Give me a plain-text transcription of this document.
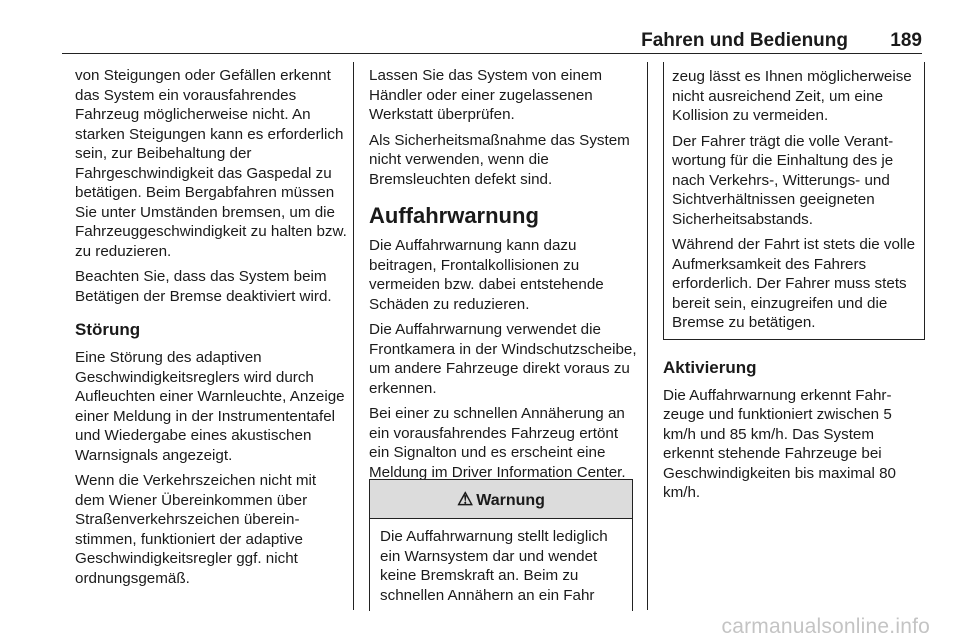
Fahren und Bedienung 189

von Steigungen oder Gefällen erkennt das System ein vorausfahrendes Fahrzeug möglicherweise nicht. An starken Steigungen kann es erforderlich sein, zur Beibehaltung der Fahrgeschwindigkeit das Gaspedal zu betätigen. Beim Bergabfahren müssen Sie unter Umständen bremsen, um die Fahrzeuggeschwindigkeit zu halten bzw. zu reduzieren.

Beachten Sie, dass das System beim Betätigen der Bremse deaktiviert wird.

Störung

Eine Störung des adaptiven Geschwindigkeitsreglers wird durch Aufleuchten einer Warnleuchte, Anzeige einer Meldung in der Instrumententafel und Wiedergabe eines akustischen Warnsignals angezeigt.

Wenn die Verkehrszeichen nicht mit dem Wiener Übereinkommen über Straßenverkehrszeichen übereinstimmen, funktioniert der adaptive Geschwindigkeitsregler ggf. nicht ordnungsgemäß.

Lassen Sie das System von einem Händler oder einer zugelassenen Werkstatt überprüfen.

Als Sicherheitsmaßnahme das System nicht verwenden, wenn die Bremsleuchten defekt sind.

Auffahrwarnung

Die Auffahrwarnung kann dazu beitragen, Frontalkollisionen zu vermeiden bzw. dabei entstehende Schäden zu reduzieren.

Die Auffahrwarnung verwendet die Frontkamera in der Windschutzscheibe, um andere Fahrzeuge direkt voraus zu erkennen.

Bei einer zu schnellen Annäherung an ein vorausfahrendes Fahrzeug ertönt ein Signalton und es erscheint eine Meldung im Driver Information Center.

⚠ Warnung
Die Auffahrwarnung stellt lediglich ein Warnsystem dar und wendet keine Bremskraft an. Beim zu schnellen Annähern an ein Fahr

zeug lässt es Ihnen möglicherweise nicht ausreichend Zeit, um eine Kollision zu vermeiden.

Der Fahrer trägt die volle Verantwortung für die Einhaltung des je nach Verkehrs-, Witterungs- und Sichtverhältnissen geeigneten Sicherheitsabstands.

Während der Fahrt ist stets die volle Aufmerksamkeit des Fahrers erforderlich. Der Fahrer muss stets bereit sein, einzugreifen und die Bremse zu betätigen.

Aktivierung

Die Auffahrwarnung erkennt Fahrzeuge und funktioniert zwischen 5 km/h und 85 km/h. Das System erkennt stehende Fahrzeuge bei Geschwindigkeiten bis maximal 80 km/h.

carmanualsonline.info
